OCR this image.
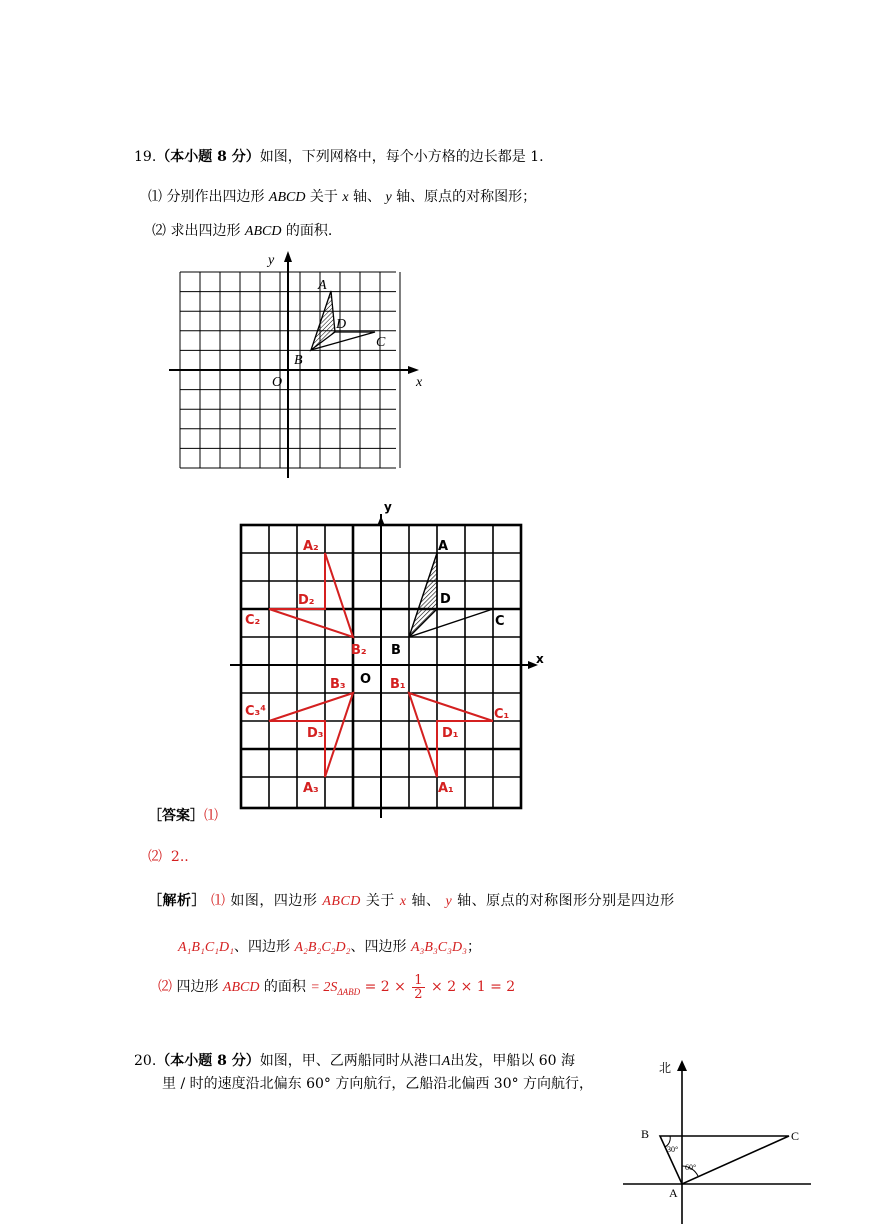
19.（本小题 8 分）如图，下列网格中，每个小方格的边长都是 1.
⑴ 分别作出四边形 ABCD 关于 x 轴、 y 轴、原点的对称图形；
⑵ 求出四边形 ABCD 的面积.
y
x
O
A
B
C
D
y
x
O
A
B
C
D
A₂
B₂
C₂
D₂
A₁
B₁
C₁
D₁
A₃
B₃
C₃⁴
D₃
［答案］⑴
⑵ 2..
［解析］ ⑴ 如图，四边形 ABCD 关于 x 轴、 y 轴、原点的对称图形分别是四边形
A₁B₁C₁D₁、四边形 A₂B₂C₂D₂、四边形 A₃B₃C₃D₃；
⑵ 四边形 ABCD 的面积 = $2S_{\Delta ABD} = 2 \times \frac{1}{2} \times 2 \times 1 = 2$
20.（本小题 8 分）如图，甲、乙两船同时从港口A出发，甲船以 60 海
里 / 时的速度沿北偏东 60° 方向航行，乙船沿北偏西 30° 方向航行，
北
A
B	C
30°
60°
